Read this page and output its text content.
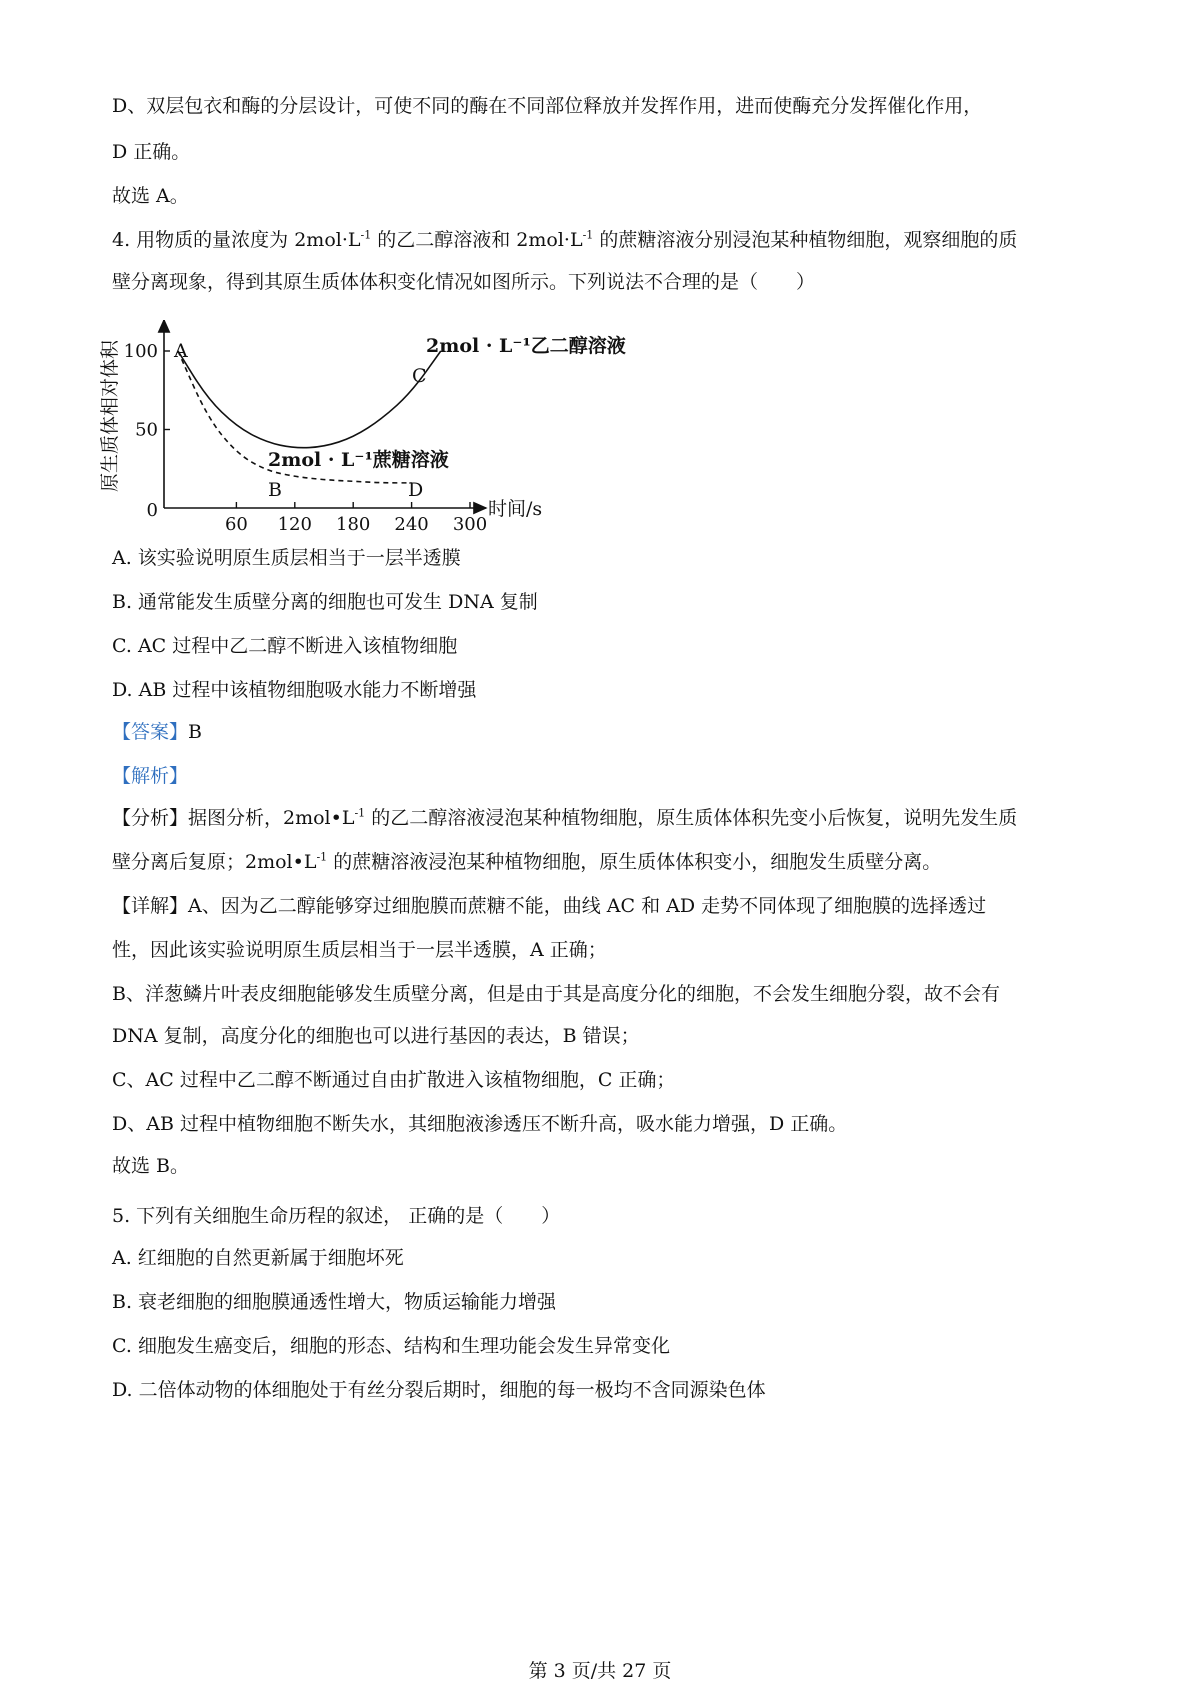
D、双层包衣和酶的分层设计，可使不同的酶在不同部位释放并发挥作用，进而使酶充分发挥催化作用，
D 正确。
故选 A。
4. 用物质的量浓度为 $2mol\cdot L^{-1}$ 的乙二醇溶液和 $2mol\cdot L^{-1}$ 的蔗糖溶液分别浸泡某种植物细胞，观察细胞的质
壁分离现象，得到其原生质体体积变化情况如图所示。下列说法不合理的是（　　）
60 120 180 240 300
0
50
100
原生质体相对体积
时间/s
2mol · L⁻¹乙二醇溶液
2mol · L⁻¹蔗糖溶液
A
B
C
D
A. 该实验说明原生质层相当于一层半透膜
B. 通常能发生质壁分离的细胞也可发生 DNA 复制
C. AC 过程中乙二醇不断进入该植物细胞
D. AB 过程中该植物细胞吸水能力不断增强
【答案】B
【解析】
【分析】据图分析，$2mol•L^{-1}$ 的乙二醇溶液浸泡某种植物细胞，原生质体体积先变小后恢复，说明先发生质
壁分离后复原；$2mol•L^{-1}$ 的蔗糖溶液浸泡某种植物细胞，原生质体体积变小，细胞发生质壁分离。
【详解】A、因为乙二醇能够穿过细胞膜而蔗糖不能，曲线 AC 和 AD 走势不同体现了细胞膜的选择透过
性，因此该实验说明原生质层相当于一层半透膜，A 正确；
B、洋葱鳞片叶表皮细胞能够发生质壁分离，但是由于其是高度分化的细胞，不会发生细胞分裂，故不会有
DNA 复制，高度分化的细胞也可以进行基因的表达，B 错误；
C、AC 过程中乙二醇不断通过自由扩散进入该植物细胞，C 正确；
D、AB 过程中植物细胞不断失水，其细胞液渗透压不断升高，吸水能力增强，D 正确。
故选 B。
5. 下列有关细胞生命历程的叙述， 正确的是（　　）
A. 红细胞的自然更新属于细胞坏死
B. 衰老细胞的细胞膜通透性增大，物质运输能力增强
C. 细胞发生癌变后，细胞的形态、结构和生理功能会发生异常变化
D. 二倍体动物的体细胞处于有丝分裂后期时，细胞的每一极均不含同源染色体
第 3 页/共 27 页
